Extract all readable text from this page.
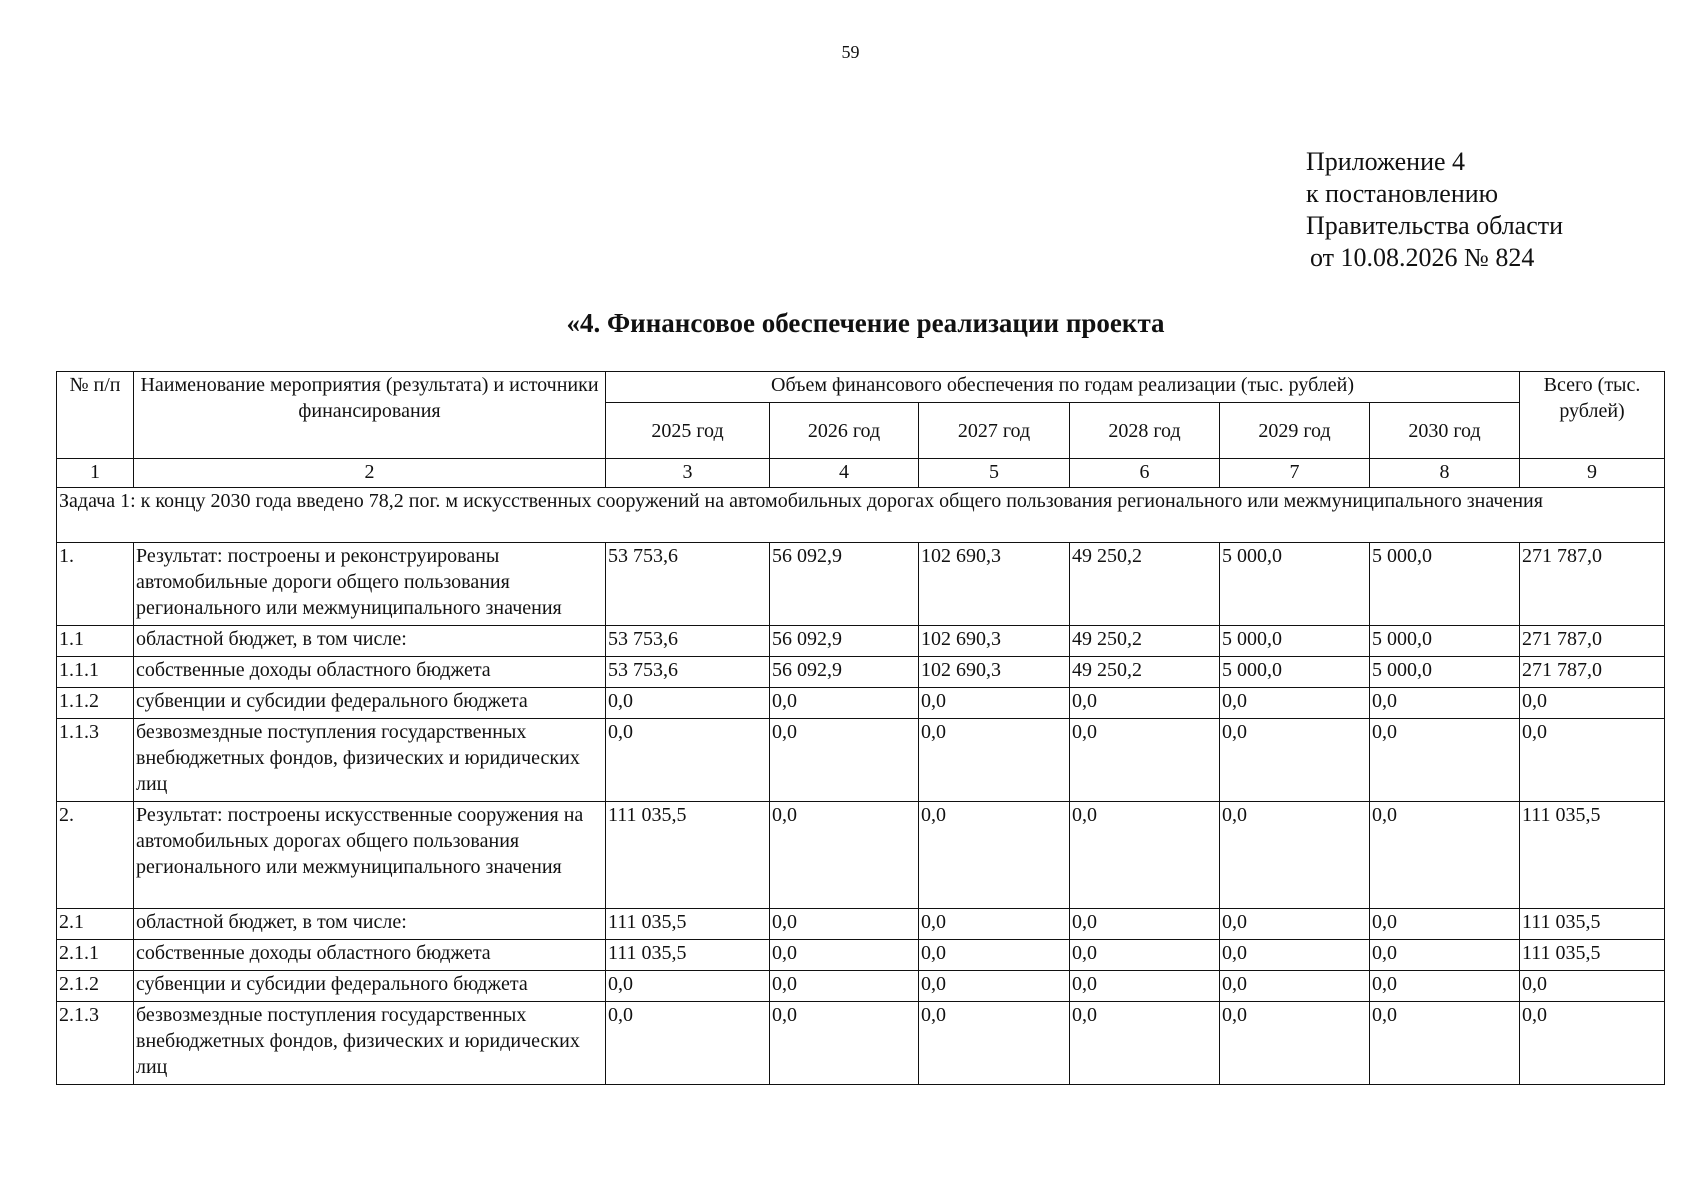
59
Приложение 4
к постановлению
Правительства области
от 10.08.2026 № 824
«4. Финансовое обеспечение реализации проекта
№ п/п	Наименование мероприятия (результата) и источники финансирования	Объем финансового обеспечения по годам реализации (тыс. рублей)						Всего (тыс. рублей)
		2025 год	2026 год	2027 год	2028 год	2029 год	2030 год	
1	2	3	4	5	6	7	8	9
Задача 1: к концу 2030 года введено 78,2 пог. м искусственных сооружений на автомобильных дорогах общего пользования регионального или межмуниципального значения								
1.	Результат: построены и реконструированы автомобильные дороги общего пользования регионального или межмуниципального значения	53 753,6	56 092,9	102 690,3	49 250,2	5 000,0	5 000,0	271 787,0
1.1	областной бюджет, в том числе:	53 753,6	56 092,9	102 690,3	49 250,2	5 000,0	5 000,0	271 787,0
1.1.1	собственные доходы областного бюджета	53 753,6	56 092,9	102 690,3	49 250,2	5 000,0	5 000,0	271 787,0
1.1.2	субвенции и субсидии федерального бюджета	0,0	0,0	0,0	0,0	0,0	0,0	0,0
1.1.3	безвозмездные поступления государственных внебюджетных фондов, физических и юридических лиц	0,0	0,0	0,0	0,0	0,0	0,0	0,0
2.	Результат: построены искусственные сооружения на автомобильных дорогах общего пользования регионального или межмуниципального значения	111 035,5	0,0	0,0	0,0	0,0	0,0	111 035,5
2.1	областной бюджет, в том числе:	111 035,5	0,0	0,0	0,0	0,0	0,0	111 035,5
2.1.1	собственные доходы областного бюджета	111 035,5	0,0	0,0	0,0	0,0	0,0	111 035,5
2.1.2	субвенции и субсидии федерального бюджета	0,0	0,0	0,0	0,0	0,0	0,0	0,0
2.1.3	безвозмездные поступления государственных внебюджетных фондов, физических и юридических лиц	0,0	0,0	0,0	0,0	0,0	0,0	0,0
